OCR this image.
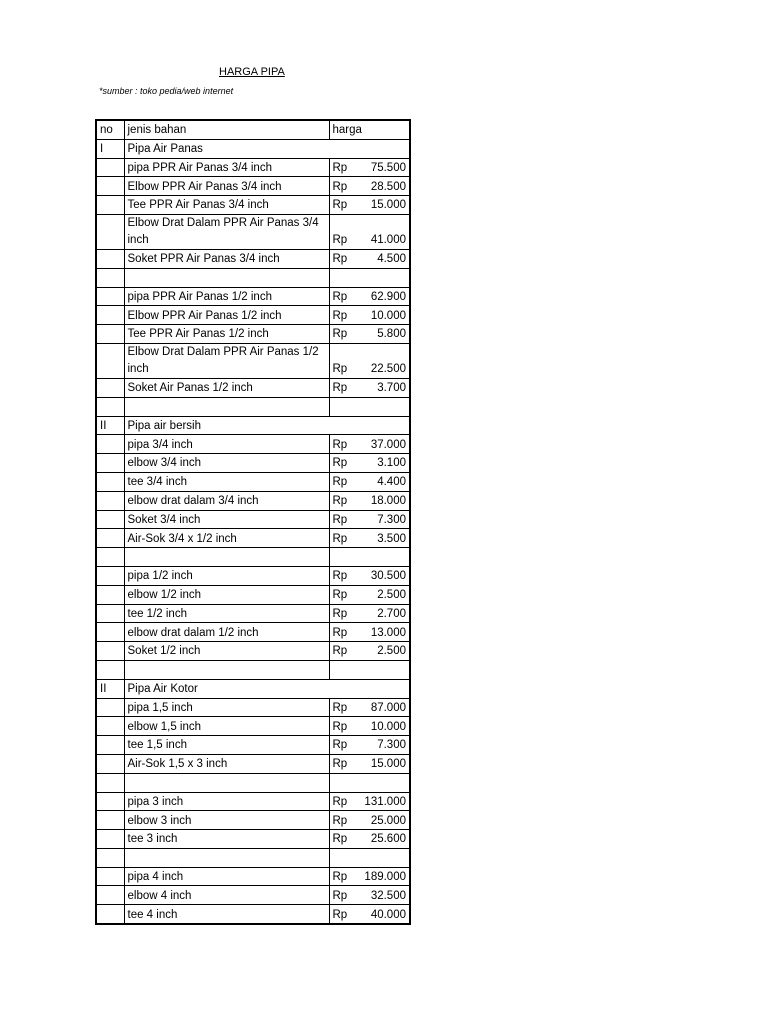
HARGA PIPA
*sumber : toko pedia/web internet
no	jenis bahan	harga
I	Pipa Air Panas	
	pipa PPR Air Panas 3/4 inch	Rp 75.500

	Elbow PPR Air Panas 3/4 inch	Rp 28.500

	Tee PPR Air Panas 3/4 inch	Rp 15.000

	Elbow Drat Dalam PPR Air Panas 3/4 inch	Rp 41.000

	Soket PPR Air Panas 3/4 inch	Rp 4.500

	pipa PPR Air Panas 1/2 inch	Rp 62.900

	Elbow PPR Air Panas 1/2 inch	Rp 10.000

	Tee PPR Air Panas 1/2 inch	Rp 5.800

	Elbow Drat Dalam PPR Air Panas 1/2 inch	Rp 22.500

	Soket Air Panas 1/2 inch	Rp 3.700

II	Pipa air bersih	
	pipa 3/4 inch	Rp 37.000

	elbow 3/4 inch	Rp 3.100

	tee 3/4 inch	Rp 4.400

	elbow drat dalam 3/4 inch	Rp 18.000

	Soket 3/4 inch	Rp 7.300

	Air-Sok 3/4 x 1/2 inch	Rp 3.500

	pipa 1/2 inch	Rp 30.500

	elbow 1/2 inch	Rp 2.500

	tee 1/2 inch	Rp 2.700

	elbow drat dalam 1/2 inch	Rp 13.000

	Soket 1/2 inch	Rp 2.500

II	Pipa Air Kotor	
	pipa 1,5 inch	Rp 87.000

	elbow 1,5 inch	Rp 10.000

	tee 1,5 inch	Rp 7.300

	Air-Sok 1,5 x 3 inch	Rp 15.000

	pipa 3 inch	Rp 131.000

	elbow 3 inch	Rp 25.000

	tee 3 inch	Rp 25.600

	pipa 4 inch	Rp 189.000

	elbow 4 inch	Rp 32.500

	tee 4 inch	Rp 40.000
